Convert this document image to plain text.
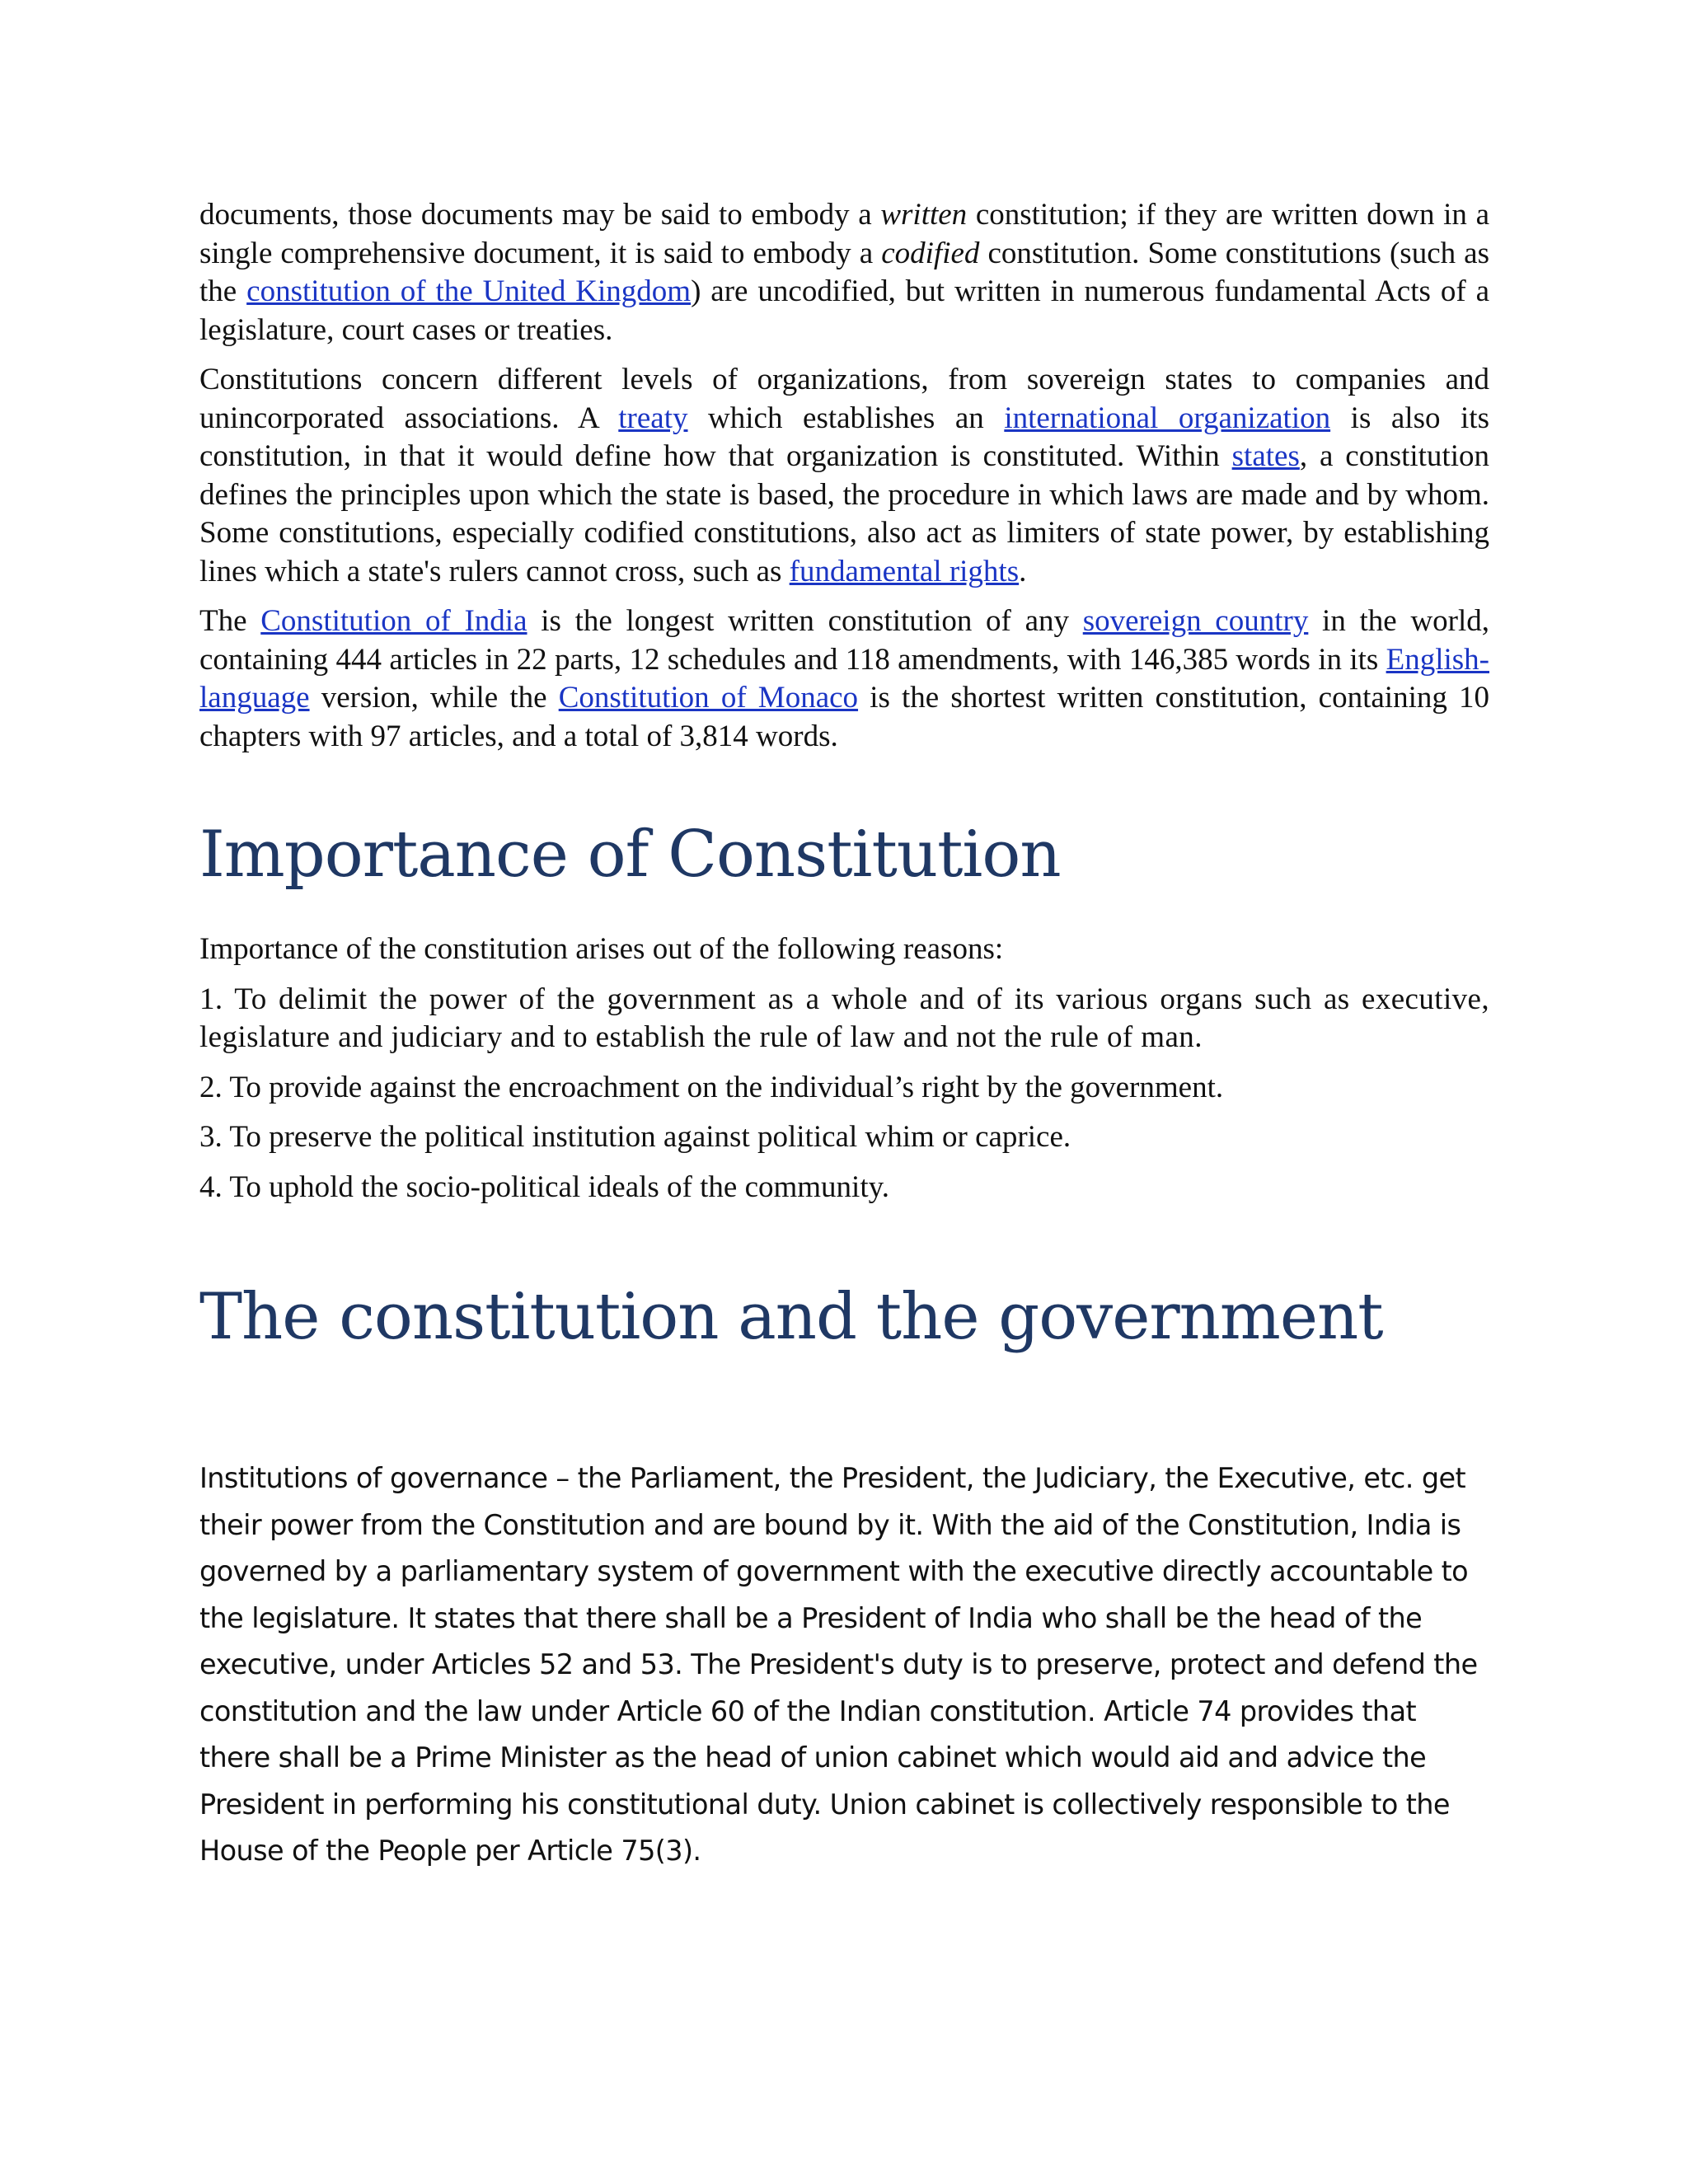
documents, those documents may be said to embody a written constitution; if they are written down in a single comprehensive document, it is said to embody a codified constitution. Some constitutions (such as the constitution of the United Kingdom) are uncodified, but written in numerous fundamental Acts of a legislature, court cases or treaties.

Constitutions concern different levels of organizations, from sovereign states to companies and unincorporated associations. A treaty which establishes an international organization is also its constitution, in that it would define how that organization is constituted. Within states, a constitution defines the principles upon which the state is based, the procedure in which laws are made and by whom. Some constitutions, especially codified constitutions, also act as limiters of state power, by establishing lines which a state's rulers cannot cross, such as fundamental rights.

The Constitution of India is the longest written constitution of any sovereign country in the world, containing 444 articles in 22 parts, 12 schedules and 118 amendments, with 146,385 words in its English-language version, while the Constitution of Monaco is the shortest written constitution, containing 10 chapters with 97 articles, and a total of 3,814 words.

Importance of Constitution

Importance of the constitution arises out of the following reasons:

1. To delimit the power of the government as a whole and of its various organs such as executive, legislature and judiciary and to establish the rule of law and not the rule of man.

2. To provide against the encroachment on the individual’s right by the government.

3. To preserve the political institution against political whim or caprice.

4. To uphold the socio-political ideals of the community.

The constitution and the government

Institutions of governance – the Parliament, the President, the Judiciary, the Executive, etc. get their power from the Constitution and are bound by it. With the aid of the Constitution, India is governed by a parliamentary system of government with the executive directly accountable to the legislature. It states that there shall be a President of India who shall be the head of the executive, under Articles 52 and 53. The President's duty is to preserve, protect and defend the constitution and the law under Article 60 of the Indian constitution. Article 74 provides that there shall be a Prime Minister as the head of union cabinet which would aid and advice the President in performing his constitutional duty. Union cabinet is collectively responsible to the House of the People per Article 75(3).
